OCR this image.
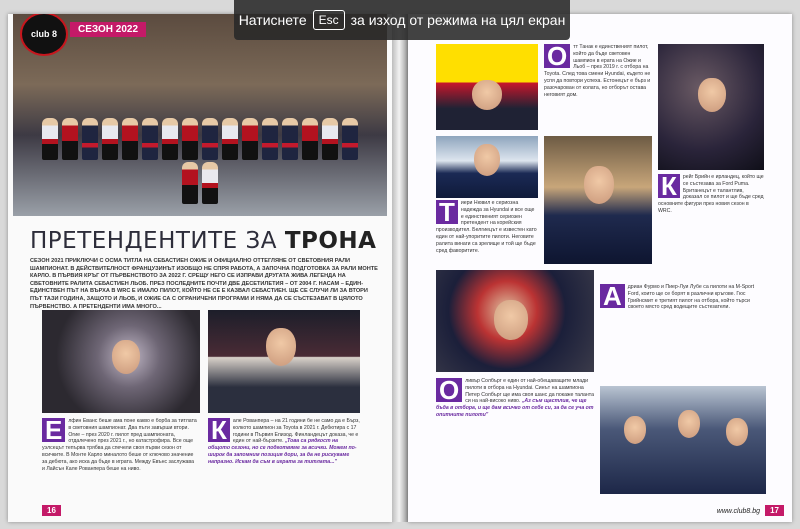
club 8	СЕЗОН 2022
ПРЕТЕНДЕНТИТЕ ЗА ТРОНА
СЕЗОН 2021 ПРИКЛЮЧИ С ОСМА ТИТЛА НА СЕБАСТИЕН ОЖИЕ И ОФИЦИАЛНО ОТТЕГЛЯНЕ ОТ СВЕТОВНИЯ РАЛИ ШАМПИОНАТ. В ДЕЙСТВИТЕЛНОСТ ФРАНЦУЗИНЪТ ИЗОБЩО НЕ СПРЯ РАБОТА, А ЗАПОЧНА ПОДГОТОВКА ЗА РАЛИ МОНТЕ КАРЛО. В ПЪРВИЯ КРЪГ ОТ ПЪРВЕНСТВОТО ЗА 2022 Г. СРЕЩУ НЕГО СЕ ИЗПРАВИ ДРУГАТА ЖИВА ЛЕГЕНДА НА СВЕТОВНИТЕ РАЛИТА СЕБАСТИЕН ЛЬОБ. ПРЕЗ ПОСЛЕДНИТЕ ПОЧТИ ДВЕ ДЕСЕТИЛЕТИЯ – ОТ 2004 Г. НАСАМ – ЕДИН-ЕДИНСТВЕН ПЪТ НА ВЪРХА В WRC Е ИМАЛО ПИЛОТ, КОЙТО НЕ СЕ Е КАЗВАЛ СЕБАСТИЕН. ЩЕ СЕ СЛУЧИ ЛИ ЗА ВТОРИ ПЪТ ТАЗИ ГОДИНА, ЗАЩОТО И ЛЬОБ, И ОЖИЕ СА С ОГРАНИЧЕНИ ПРОГРАМИ И НЯМА ДА СЕ СЪСТЕЗАВАТ В ЦЯЛОТО ПЪРВЕНСТВО. А ПРЕТЕНДЕНТИ ИМА МНОГО...
Е	лфин Еванс беше ама поне какво е борба за титлата в световния шампионат. Два пъти завърши втори. Огие – през 2020 г. пилот пред шампионата, отдалечено през 2021 г., но катастрофира. Все още уэлсецът тепърва трябва да спечели своя първи сезон от всичките. В Монте Карло миналото беше от ключово значение за дебюта, ако иска да бъде в играта. Между Евънс заслужава и Лайсън Кале Рованпера беше на ниво.
К	але Рованпера – на 21 години бе не само да е Бърз, колкото шампион за Toyota в 2021 г. Дебютира с 17 години в Първия Епизод. Финландецът доказа, че е един от най-бързите. „Това са рядкост на общото сезони, но се подготвяме за всички. Можем по-широк да запомним позиция дори, за да не рискуваме напразно. Искам да съм в играта за титлата..."
16
О	тт Танак е единственият пилот, който да бъде световен шампион в ерата на Ожие и Льоб – през 2019 г. с отбора на Toyota. След това смени Hyundai, където не успя да повтори успеха. Естонецът е бърз и разочарован от колата, но отборът остава неговият дом.
Т	иери Нювил е сериозна надежда за Hyundai и все още е единственият сериозен претендент на корейския производител. Белгиецът е известен като един от най-упоритите пилоти. Неговите ралита винаги са зрелище и той ще бъде сред фаворитите.
К	рейг Брийн е ирландец, който ще се състезава за Ford Puma. Британецът е талантлив, доказал се пилот и ще бъде сред основните фигури през новия сезон в WRC.
А	дриан Фурмо и Пиер-Луи Лубе са пилоти на M-Sport Ford, които ще се борят в различни кръгове. Гюс Грийнсмит е третият пилот на отбора, който търси своето място сред водещите състезатели.
О	ливър Солбърг е един от най-обещаващите млади пилоти в отбора на Hyundai. Синът на шампиона Петер Солбърг ще има своя шанс да покаже таланта си на най-високо ниво. „Аз съм щастлив, че ще бъда в отбора, и ще дам всичко от себе си, за да се уча от опитните пилоти"
www.club8.bg	17
Натиснете	Esc за изход от режима на цял екран
